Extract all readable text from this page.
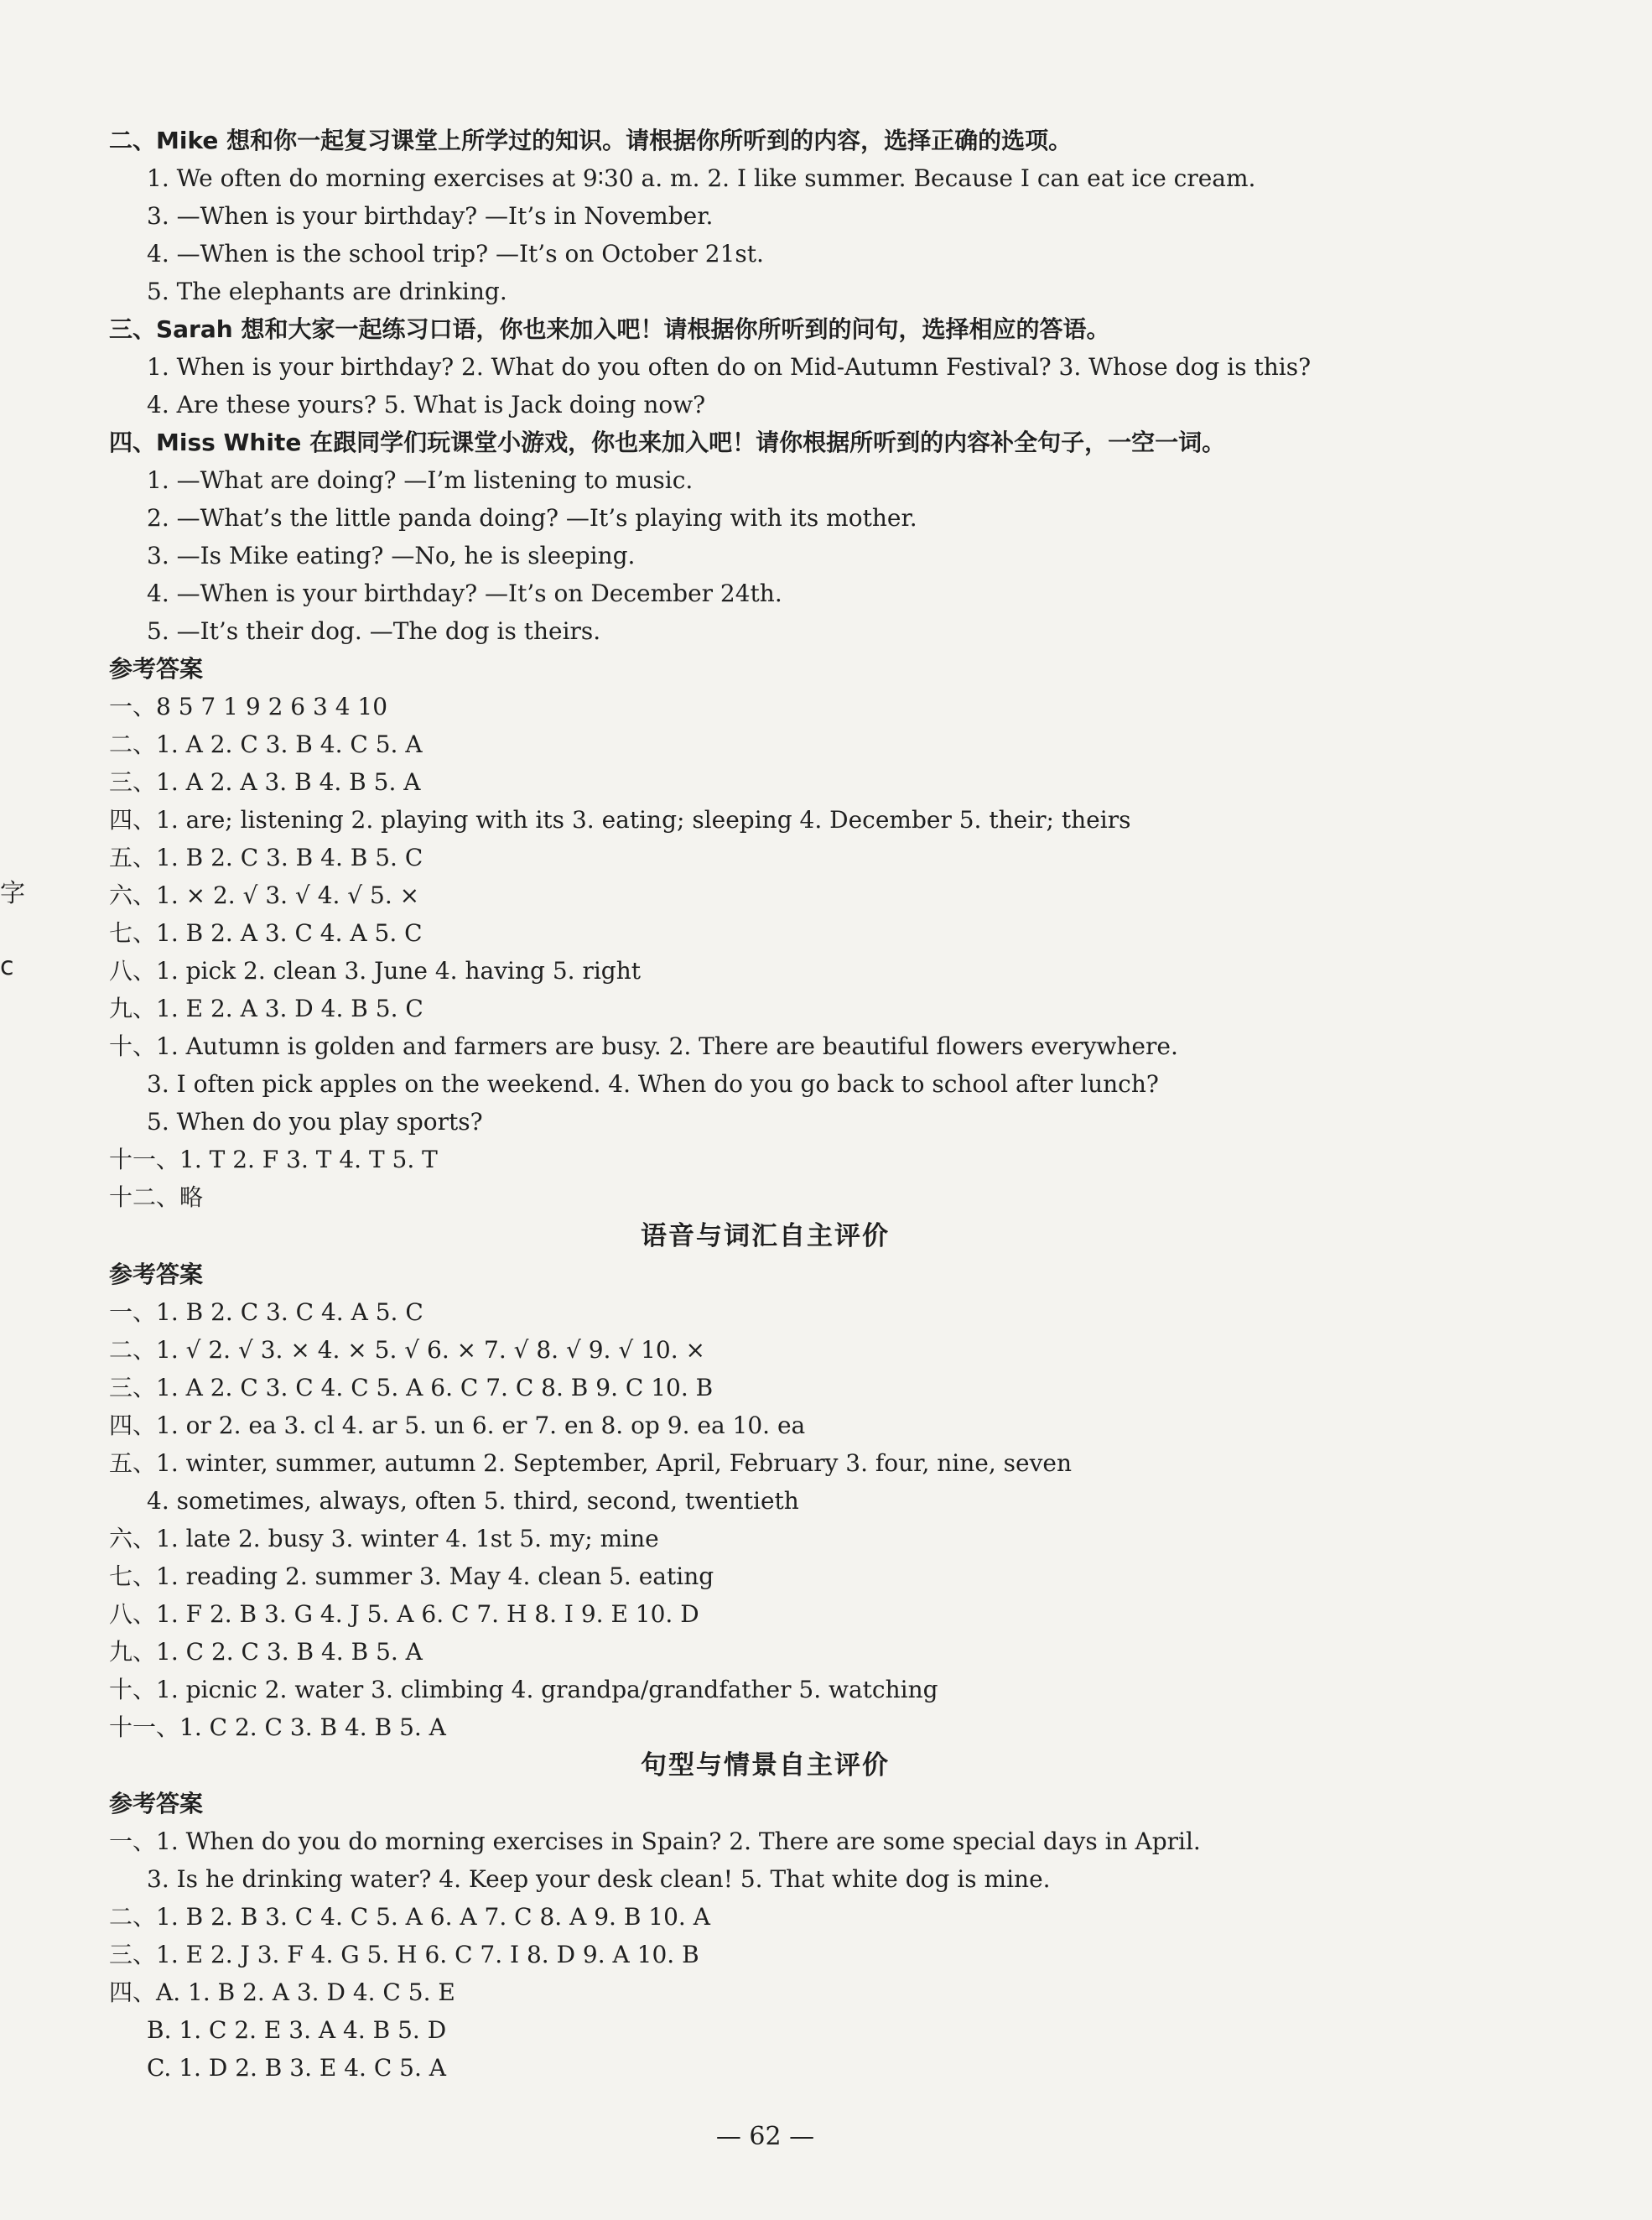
二、Mike 想和你一起复习课堂上所学过的知识。请根据你所听到的内容，选择正确的选项。
1. We often do morning exercises at 9∶30 a. m. 2. I like summer. Because I can eat ice cream.
3. —When is your birthday? —It’s in November.
4. —When is the school trip? —It’s on October 21st.
5. The elephants are drinking.
三、Sarah 想和大家一起练习口语，你也来加入吧！请根据你所听到的问句，选择相应的答语。
1. When is your birthday? 2. What do you often do on Mid-Autumn Festival? 3. Whose dog is this?
4. Are these yours? 5. What is Jack doing now?
四、Miss White 在跟同学们玩课堂小游戏，你也来加入吧！请你根据所听到的内容补全句子，一空一词。
1. —What are doing? —I’m listening to music.
2. —What’s the little panda doing? —It’s playing with its mother.
3. —Is Mike eating? —No, he is sleeping.
4. —When is your birthday? —It’s on December 24th.
5. —It’s their dog. —The dog is theirs.
参考答案
一、8 5 7 1 9 2 6 3 4 10
二、1. A 2. C 3. B 4. C 5. A
三、1. A 2. A 3. B 4. B 5. A
四、1. are; listening 2. playing with its 3. eating; sleeping 4. December 5. their; theirs
五、1. B 2. C 3. B 4. B 5. C
六、1. × 2. √ 3. √ 4. √ 5. ×
七、1. B 2. A 3. C 4. A 5. C
八、1. pick 2. clean 3. June 4. having 5. right
九、1. E 2. A 3. D 4. B 5. C
十、1. Autumn is golden and farmers are busy. 2. There are beautiful flowers everywhere.
3. I often pick apples on the weekend. 4. When do you go back to school after lunch?
5. When do you play sports?
十一、1. T 2. F 3. T 4. T 5. T
十二、略
语音与词汇自主评价
参考答案
一、1. B 2. C 3. C 4. A 5. C
二、1. √ 2. √ 3. × 4. × 5. √ 6. × 7. √ 8. √ 9. √ 10. ×
三、1. A 2. C 3. C 4. C 5. A 6. C 7. C 8. B 9. C 10. B
四、1. or 2. ea 3. cl 4. ar 5. un 6. er 7. en 8. op 9. ea 10. ea
五、1. winter, summer, autumn 2. September, April, February 3. four, nine, seven
4. sometimes, always, often 5. third, second, twentieth
六、1. late 2. busy 3. winter 4. 1st 5. my; mine
七、1. reading 2. summer 3. May 4. clean 5. eating
八、1. F 2. B 3. G 4. J 5. A 6. C 7. H 8. I 9. E 10. D
九、1. C 2. C 3. B 4. B 5. A
十、1. picnic 2. water 3. climbing 4. grandpa/grandfather 5. watching
十一、1. C 2. C 3. B 4. B 5. A
句型与情景自主评价
参考答案
一、1. When do you do morning exercises in Spain? 2. There are some special days in April.
3. Is he drinking water? 4. Keep your desk clean! 5. That white dog is mine.
二、1. B 2. B 3. C 4. C 5. A 6. A 7. C 8. A 9. B 10. A
三、1. E 2. J 3. F 4. G 5. H 6. C 7. I 8. D 9. A 10. B
四、A. 1. B 2. A 3. D 4. C 5. E
B. 1. C 2. E 3. A 4. B 5. D
C. 1. D 2. B 3. E 4. C 5. A
字
c
— 62 —
